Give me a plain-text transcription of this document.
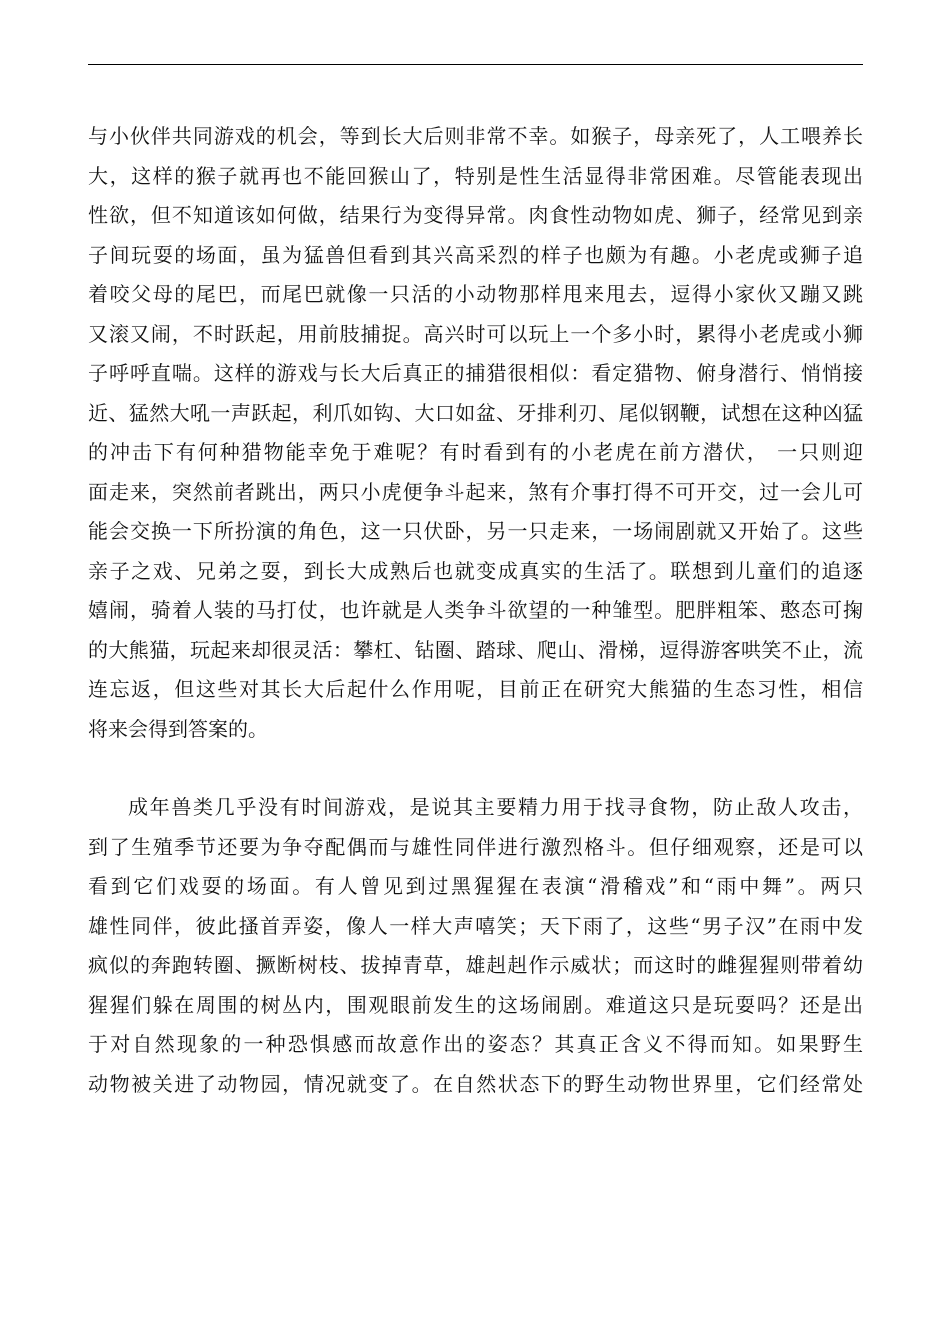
与小伙伴共同游戏的机会，等到长大后则非常不幸。如猴子，母亲死了，人工喂养长
大，这样的猴子就再也不能回猴山了，特别是性生活显得非常困难。尽管能表现出
性欲，但不知道该如何做，结果行为变得异常。肉食性动物如虎、狮子，经常见到亲
子间玩耍的场面，虽为猛兽但看到其兴高采烈的样子也颇为有趣。小老虎或狮子追
着咬父母的尾巴，而尾巴就像一只活的小动物那样甩来甩去，逗得小家伙又蹦又跳
又滚又闹，不时跃起，用前肢捕捉。高兴时可以玩上一个多小时，累得小老虎或小狮
子呼呼直喘。这样的游戏与长大后真正的捕猎很相似：看定猎物、俯身潜行、悄悄接
近、猛然大吼一声跃起，利爪如钩、大口如盆、牙排利刃、尾似钢鞭，试想在这种凶猛
的冲击下有何种猎物能幸免于难呢？有时看到有的小老虎在前方潜伏， 一只则迎
面走来，突然前者跳出，两只小虎便争斗起来，煞有介事打得不可开交，过一会儿可
能会交换一下所扮演的角色，这一只伏卧，另一只走来，一场闹剧就又开始了。这些
亲子之戏、兄弟之耍，到长大成熟后也就变成真实的生活了。联想到儿童们的追逐
嬉闹，骑着人装的马打仗，也许就是人类争斗欲望的一种雏型。肥胖粗笨、憨态可掬
的大熊猫，玩起来却很灵活：攀杠、钻圈、踏球、爬山、滑梯，逗得游客哄笑不止，流
连忘返，但这些对其长大后起什么作用呢，目前正在研究大熊猫的生态习性，相信
将来会得到答案的。
成年兽类几乎没有时间游戏，是说其主要精力用于找寻食物，防止敌人攻击，
到了生殖季节还要为争夺配偶而与雄性同伴进行激烈格斗。但仔细观察，还是可以
看到它们戏耍的场面。有人曾见到过黑猩猩在表演“滑稽戏”和“雨中舞”。两只
雄性同伴，彼此搔首弄姿，像人一样大声嘻笑；天下雨了，这些“男子汉”在雨中发
疯似的奔跑转圈、撅断树枝、拔掉青草，雄赳赳作示威状；而这时的雌猩猩则带着幼
猩猩们躲在周围的树丛内，围观眼前发生的这场闹剧。难道这只是玩耍吗？还是出
于对自然现象的一种恐惧感而故意作出的姿态？其真正含义不得而知。如果野生
动物被关进了动物园，情况就变了。在自然状态下的野生动物世界里，它们经常处
